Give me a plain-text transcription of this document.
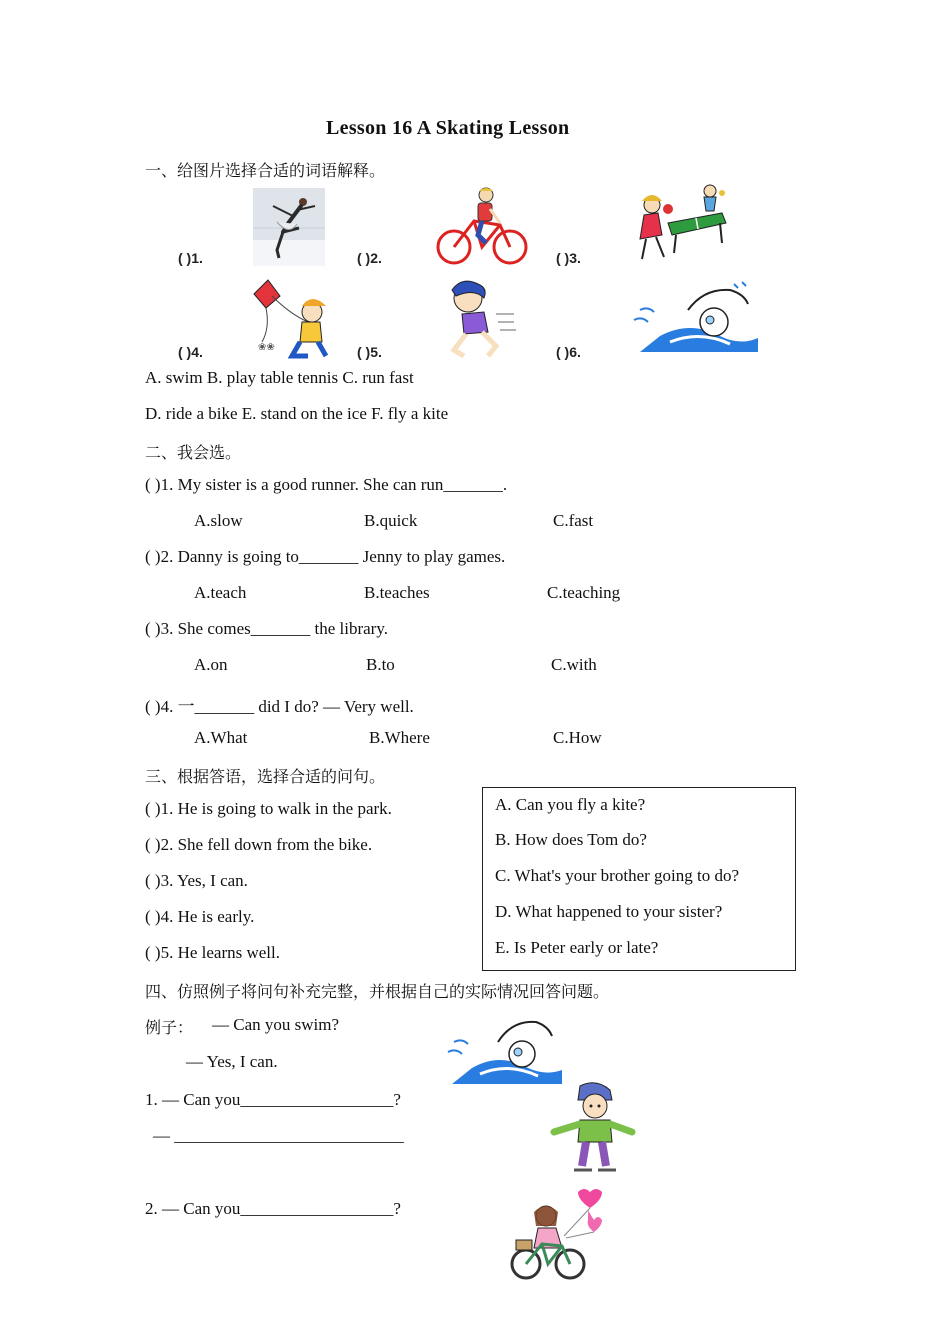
Lesson 16 A Skating Lesson
一、给图片选择合适的词语解释。
( )1.	( )2.	( )3.
❀❀
( )4.	( )5.	( )6.
A. swim B. play table tennis C. run fast
D. ride a bike E. stand on the ice F. fly a kite
二、我会选。
( )1. My sister is a good runner. She can run_______.
A.slow	B.quick	C.fast
( )2. Danny is going to_______ Jenny to play games.
A.teach	B.teaches	C.teaching
( )3. She comes_______ the library.
A.on	B.to	C.with
( )4. 一_______ did I do? — Very well.
A.What	B.Where	C.How
三、根据答语，选择合适的问句。
( )1. He is going to walk in the park.
( )2. She fell down from the bike.
( )3. Yes, I can.
( )4. He is early.
( )5. He learns well.
A. Can you fly a kite?
B. How does Tom do?
C. What's your brother going to do?
D. What happened to your sister?
E. Is Peter early or late?
四、仿照例子将问句补充完整，并根据自己的实际情况回答问题。
例子： — Can you swim?
— Yes, I can.
1. — Can you__________________?
— ___________________________
2. — Can you__________________?
